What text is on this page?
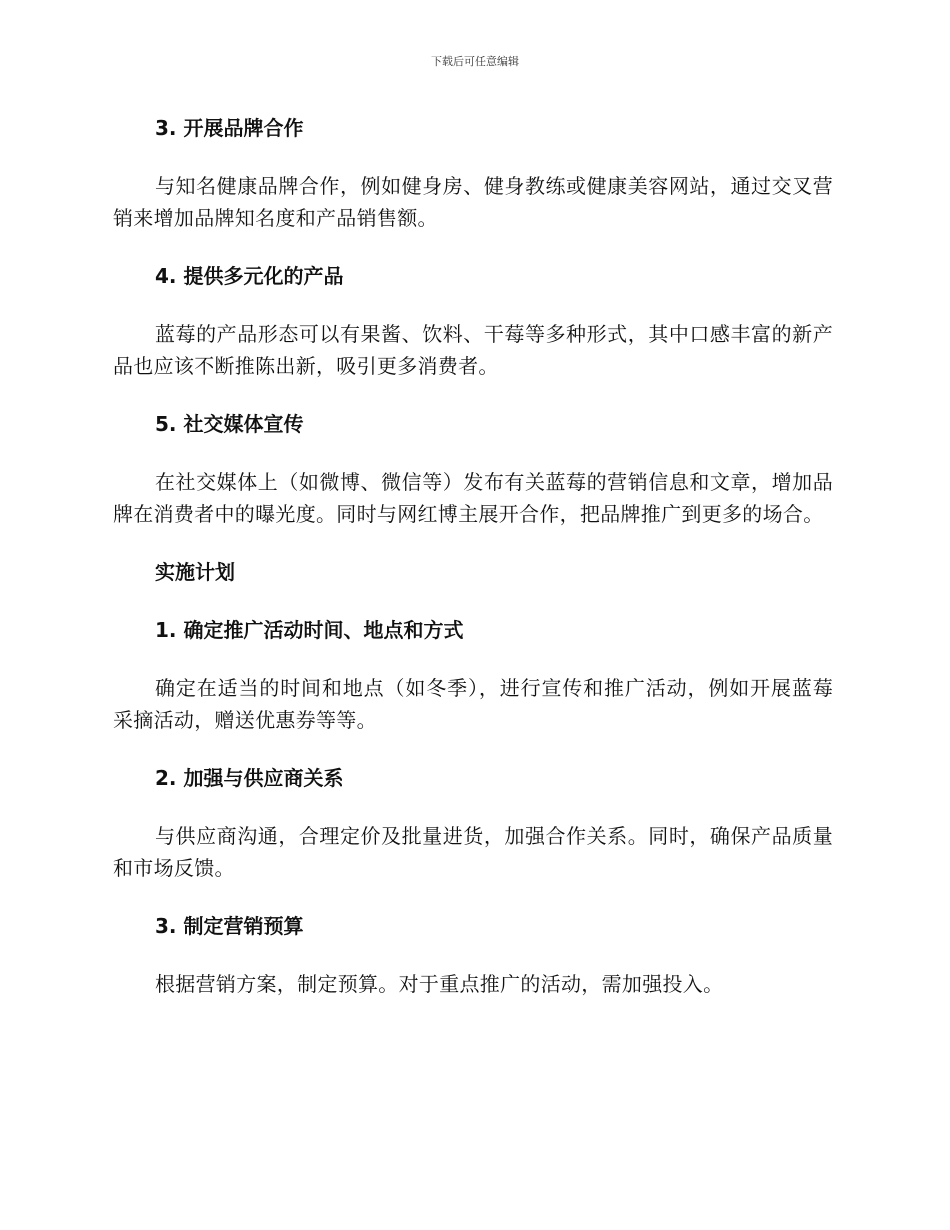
下载后可任意编辑
3. 开展品牌合作

与知名健康品牌合作，例如健身房、健身教练或健康美容网站，通过交叉营销来增加品牌知名度和产品销售额。

4. 提供多元化的产品

蓝莓的产品形态可以有果酱、饮料、干莓等多种形式，其中口感丰富的新产品也应该不断推陈出新，吸引更多消费者。

5. 社交媒体宣传

在社交媒体上（如微博、微信等）发布有关蓝莓的营销信息和文章，增加品牌在消费者中的曝光度。同时与网红博主展开合作，把品牌推广到更多的场合。

实施计划
1. 确定推广活动时间、地点和方式

确定在适当的时间和地点（如冬季），进行宣传和推广活动，例如开展蓝莓采摘活动，赠送优惠券等等。

2. 加强与供应商关系

与供应商沟通，合理定价及批量进货，加强合作关系。同时，确保产品质量和市场反馈。

3. 制定营销预算

根据营销方案，制定预算。对于重点推广的活动，需加强投入。
